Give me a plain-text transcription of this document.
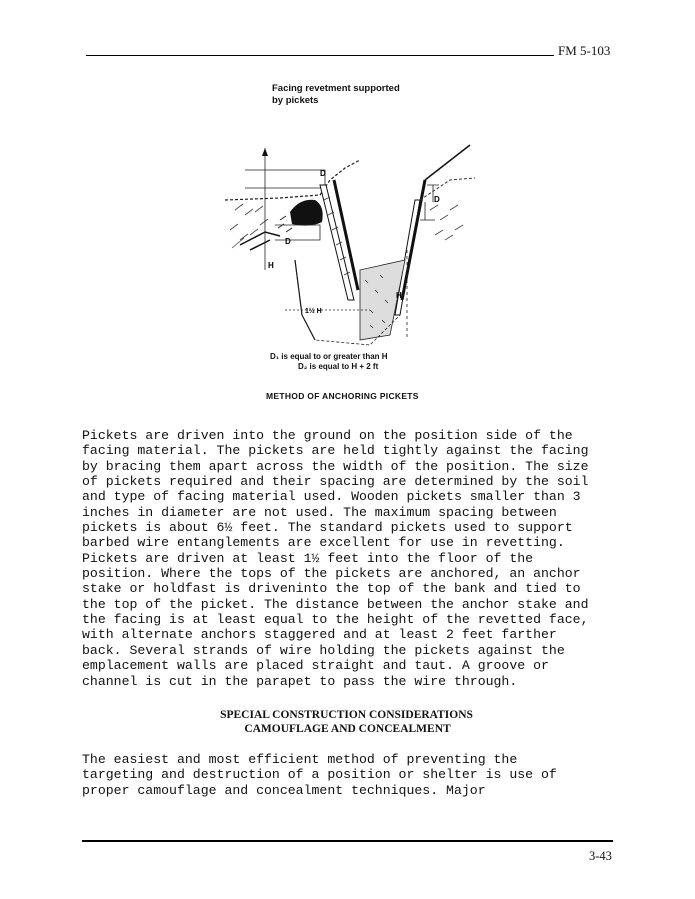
FM 5-103
Facing revetment supported
by pickets
D
D
D
H
H
1½ H
D₁ is equal to or greater than H
D₂ is equal to H + 2 ft
METHOD OF ANCHORING PICKETS
Pickets are driven into the ground on the position side of the
facing material. The pickets are held tightly against the facing
by bracing them apart across the width of the position. The size
of pickets required and their spacing are determined by the soil
and type of facing material used. Wooden pickets smaller than 3
inches in diameter are not used. The maximum spacing between
pickets is about 6½ feet. The standard pickets used to support
barbed wire entanglements are excellent for use in revetting.
Pickets are driven at least 1½ feet into the floor of the
position. Where the tops of the pickets are anchored, an anchor
stake or holdfast is driveninto the top of the bank and tied to
the top of the picket. The distance between the anchor stake and
the facing is at least equal to the height of the revetted face,
with alternate anchors staggered and at least 2 feet farther
back. Several strands of wire holding the pickets against the
emplacement walls are placed straight and taut. A groove or
channel is cut in the parapet to pass the wire through.
SPECIAL CONSTRUCTION CONSIDERATIONS
CAMOUFLAGE AND CONCEALMENT
The easiest and most efficient method of preventing the
targeting and destruction of a position or shelter is use of
proper camouflage and concealment techniques. Major
3-43
